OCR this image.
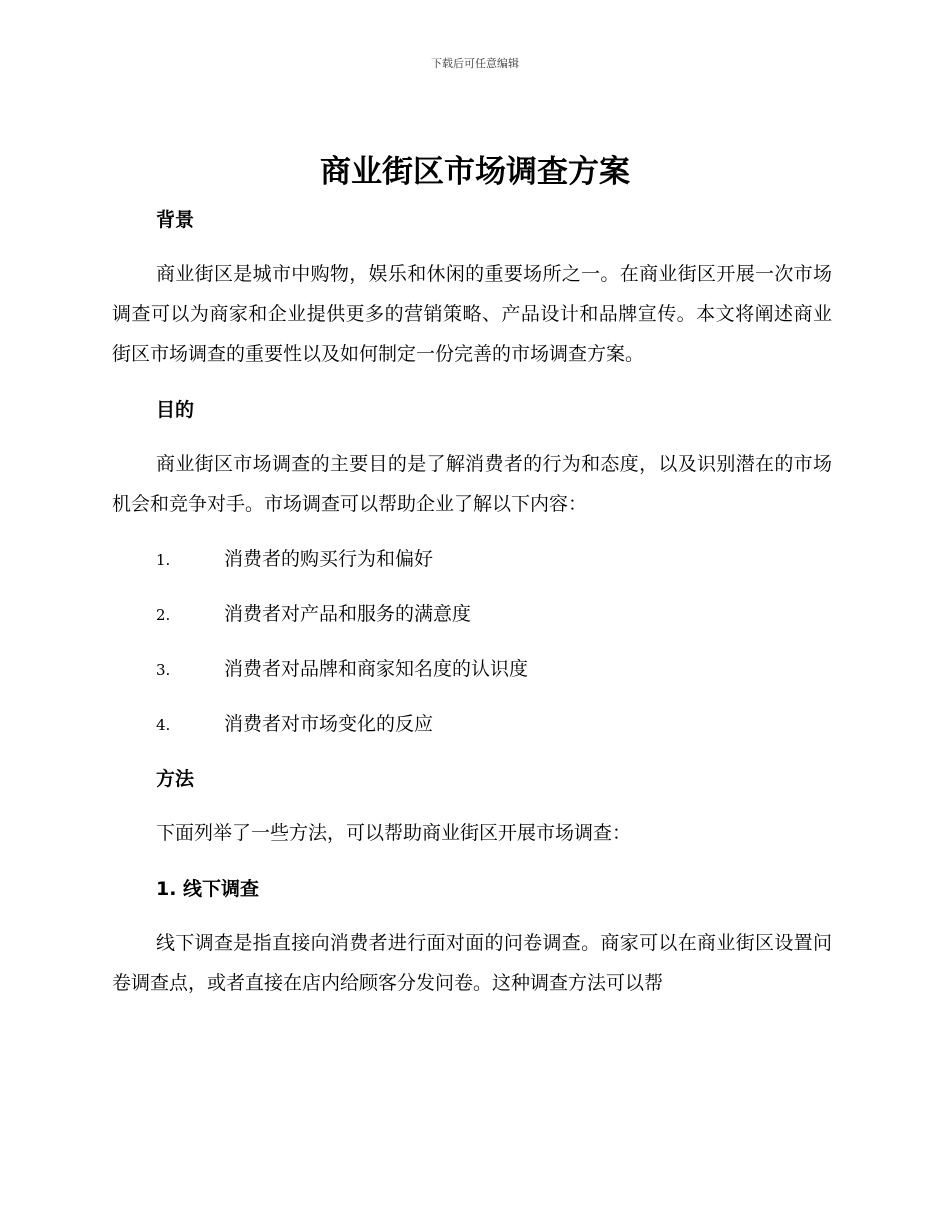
下载后可任意编辑
商业街区市场调查方案
背景

商业街区是城市中购物，娱乐和休闲的重要场所之一。在商业街区开展一次市场调查可以为商家和企业提供更多的营销策略、产品设计和品牌宣传。本文将阐述商业街区市场调查的重要性以及如何制定一份完善的市场调查方案。

目的

商业街区市场调查的主要目的是了解消费者的行为和态度，以及识别潜在的市场机会和竞争对手。市场调查可以帮助企业了解以下内容：

1.	消费者的购买行为和偏好
2.	消费者对产品和服务的满意度
3.	消费者对品牌和商家知名度的认识度
4.	消费者对市场变化的反应
方法

下面列举了一些方法，可以帮助商业街区开展市场调查：

1. 线下调查

线下调查是指直接向消费者进行面对面的问卷调查。商家可以在商业街区设置问卷调查点，或者直接在店内给顾客分发问卷。这种调查方法可以帮
